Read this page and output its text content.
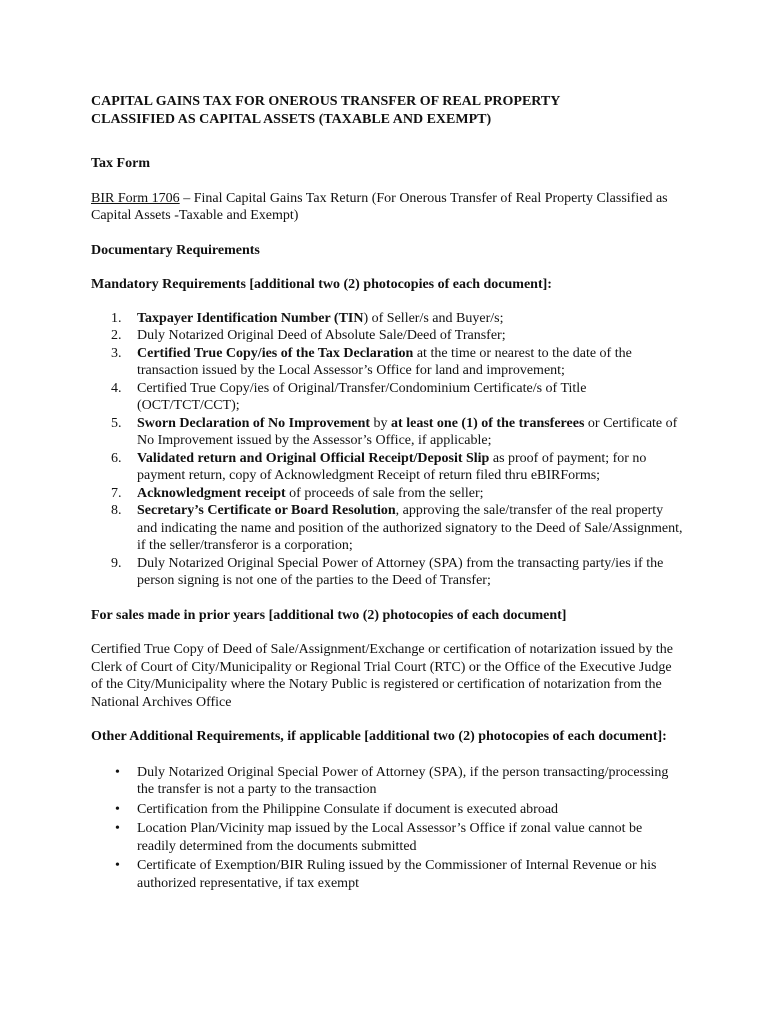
CAPITAL GAINS TAX FOR ONEROUS TRANSFER OF REAL PROPERTY

CLASSIFIED AS CAPITAL ASSETS (TAXABLE AND EXEMPT)

Tax Form

BIR Form 1706 – Final Capital Gains Tax Return (For Onerous Transfer of Real Property Classified as Capital Assets -Taxable and Exempt)

Documentary Requirements

Mandatory Requirements [additional two (2) photocopies of each document]:

1. Taxpayer Identification Number (TIN) of Seller/s and Buyer/s;
2. Duly Notarized Original Deed of Absolute Sale/Deed of Transfer;
3. Certified True Copy/ies of the Tax Declaration at the time or nearest to the date of the transaction issued by the Local Assessor’s Office for land and improvement;
4. Certified True Copy/ies of Original/Transfer/Condominium Certificate/s of Title (OCT/TCT/CCT);
5. Sworn Declaration of No Improvement by at least one (1) of the transferees or Certificate of No Improvement issued by the Assessor’s Office, if applicable;
6. Validated return and Original Official Receipt/Deposit Slip as proof of payment; for no payment return, copy of Acknowledgment Receipt of return filed thru eBIRForms;
7. Acknowledgment receipt of proceeds of sale from the seller;
8. Secretary’s Certificate or Board Resolution, approving the sale/transfer of the real property and indicating the name and position of the authorized signatory to the Deed of Sale/Assignment, if the seller/transferor is a corporation;
9. Duly Notarized Original Special Power of Attorney (SPA) from the transacting party/ies if the person signing is not one of the parties to the Deed of Transfer;

For sales made in prior years [additional two (2) photocopies of each document]

Certified True Copy of Deed of Sale/Assignment/Exchange or certification of notarization issued by the Clerk of Court of City/Municipality or Regional Trial Court (RTC) or the Office of the Executive Judge of the City/Municipality where the Notary Public is registered or certification of notarization from the National Archives Office

Other Additional Requirements, if applicable [additional two (2) photocopies of each document]:

• Duly Notarized Original Special Power of Attorney (SPA), if the person transacting/processing the transfer is not a party to the transaction
• Certification from the Philippine Consulate if document is executed abroad
• Location Plan/Vicinity map issued by the Local Assessor’s Office if zonal value cannot be readily determined from the documents submitted
• Certificate of Exemption/BIR Ruling issued by the Commissioner of Internal Revenue or his authorized representative, if tax exempt
